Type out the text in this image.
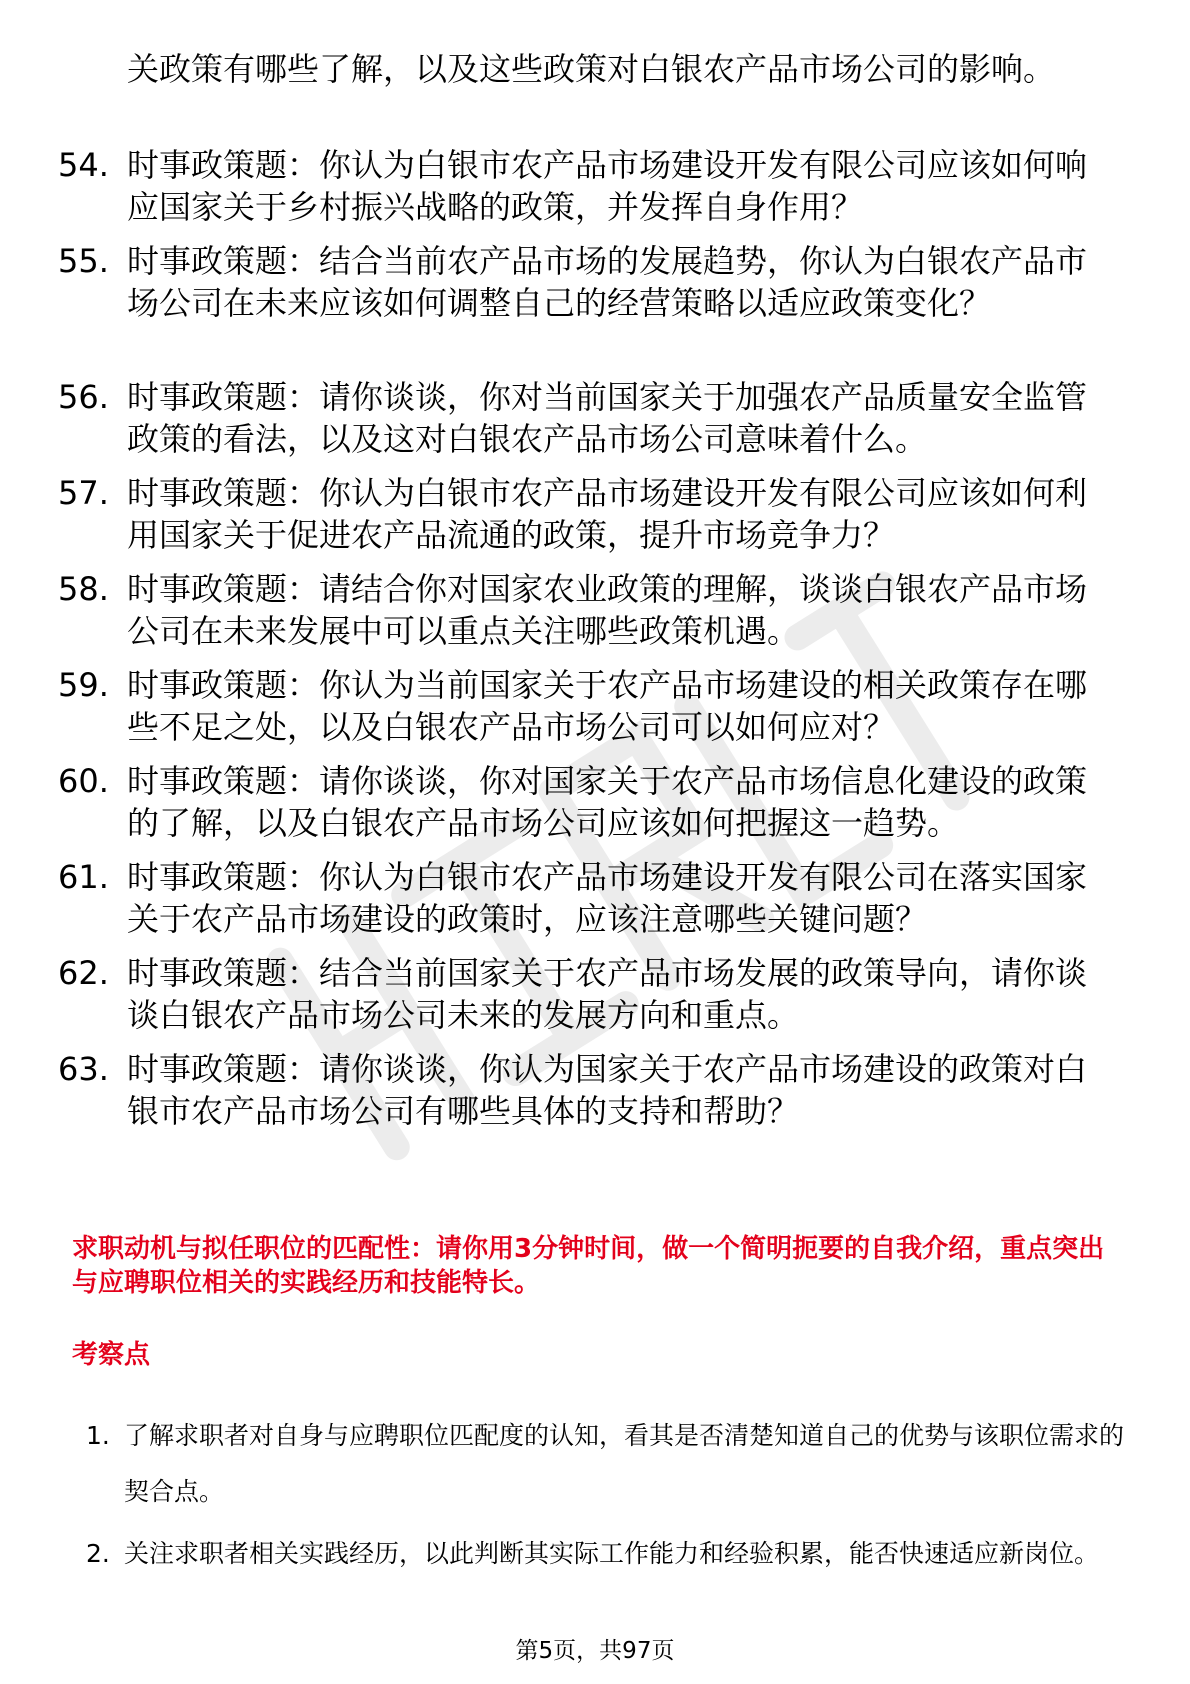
关政策有哪些了解，以及这些政策对白银农产品市场公司的影响。
54. 时事政策题：你认为白银市农产品市场建设开发有限公司应该如何响应国家关于乡村振兴战略的政策，并发挥自身作用？
55. 时事政策题：结合当前农产品市场的发展趋势，你认为白银农产品市场公司在未来应该如何调整自己的经营策略以适应政策变化？
56. 时事政策题：请你谈谈，你对当前国家关于加强农产品质量安全监管政策的看法，以及这对白银农产品市场公司意味着什么。
57. 时事政策题：你认为白银市农产品市场建设开发有限公司应该如何利用国家关于促进农产品流通的政策，提升市场竞争力？
58. 时事政策题：请结合你对国家农业政策的理解，谈谈白银农产品市场公司在未来发展中可以重点关注哪些政策机遇。
59. 时事政策题：你认为当前国家关于农产品市场建设的相关政策存在哪些不足之处，以及白银农产品市场公司可以如何应对？
60. 时事政策题：请你谈谈，你对国家关于农产品市场信息化建设的政策的了解，以及白银农产品市场公司应该如何把握这一趋势。
61. 时事政策题：你认为白银市农产品市场建设开发有限公司在落实国家关于农产品市场建设的政策时，应该注意哪些关键问题？
62. 时事政策题：结合当前国家关于农产品市场发展的政策导向，请你谈谈白银农产品市场公司未来的发展方向和重点。
63. 时事政策题：请你谈谈，你认为国家关于农产品市场建设的政策对白银市农产品市场公司有哪些具体的支持和帮助？
求职动机与拟任职位的匹配性：请你用3分钟时间，做一个简明扼要的自我介绍，重点突出与应聘职位相关的实践经历和技能特长。
考察点
1. 了解求职者对自身与应聘职位匹配度的认知，看其是否清楚知道自己的优势与该职位需求的契合点。
2. 关注求职者相关实践经历，以此判断其实际工作能力和经验积累，能否快速适应新岗位。
第5页，共97页
